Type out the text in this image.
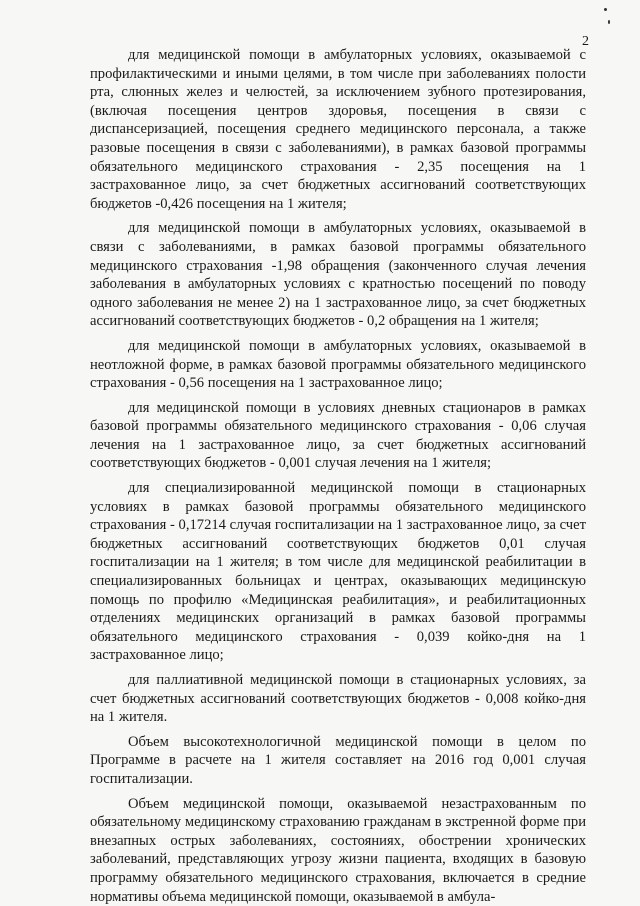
2

для медицинской помощи в амбулаторных условиях, оказываемой с профилактическими и иными целями, в том числе при заболеваниях полости рта, слюнных желез и челюстей, за исключением зубного протезирования, (включая посещения центров здоровья, посещения в связи с диспансеризацией, посещения среднего медицинского персонала, а также разовые посещения в связи с заболеваниями), в рамках базовой программы обязательного медицинского страхования - 2,35 посещения на 1 застрахованное лицо, за счет бюджетных ассигнований соответствующих бюджетов -0,426 посещения на 1 жителя;

для медицинской помощи в амбулаторных условиях, оказываемой в связи с заболеваниями, в рамках базовой программы обязательного медицинского страхования -1,98 обращения (законченного случая лечения заболевания в амбулаторных условиях с кратностью посещений по поводу одного заболевания не менее 2) на 1 застрахованное лицо, за счет бюджетных ассигнований соответствующих бюджетов - 0,2 обращения на 1 жителя;

для медицинской помощи в амбулаторных условиях, оказываемой в неотложной форме, в рамках базовой программы обязательного медицинского страхования - 0,56 посещения на 1 застрахованное лицо;

для медицинской помощи в условиях дневных стационаров в рамках базовой программы обязательного медицинского страхования - 0,06 случая лечения на 1 застрахованное лицо, за счет бюджетных ассигнований соответствующих бюджетов - 0,001 случая лечения на 1 жителя;

для специализированной медицинской помощи в стационарных условиях в рамках базовой программы обязательного медицинского страхования - 0,17214 случая госпитализации на 1 застрахованное лицо, за счет бюджетных ассигнований соответствующих бюджетов 0,01 случая госпитализации на 1 жителя; в том числе для медицинской реабилитации в специализированных больницах и центрах, оказывающих медицинскую помощь по профилю «Медицинская реабилитация», и реабилитационных отделениях медицинских организаций в рамках базовой программы обязательного медицинского страхования - 0,039 койко-дня на 1 застрахованное лицо;

для паллиативной медицинской помощи в стационарных условиях, за счет бюджетных ассигнований соответствующих бюджетов - 0,008 койко-дня на 1 жителя.

Объем высокотехнологичной медицинской помощи в целом по Программе в расчете на 1 жителя составляет на 2016 год 0,001 случая госпитализации.

Объем медицинской помощи, оказываемой незастрахованным по обязательному медицинскому страхованию гражданам в экстренной форме при внезапных острых заболеваниях, состояниях, обострении хронических заболеваний, представляющих угрозу жизни пациента, входящих в базовую программу обязательного медицинского страхования, включается в средние нормативы объема медицинской помощи, оказываемой в амбула-
